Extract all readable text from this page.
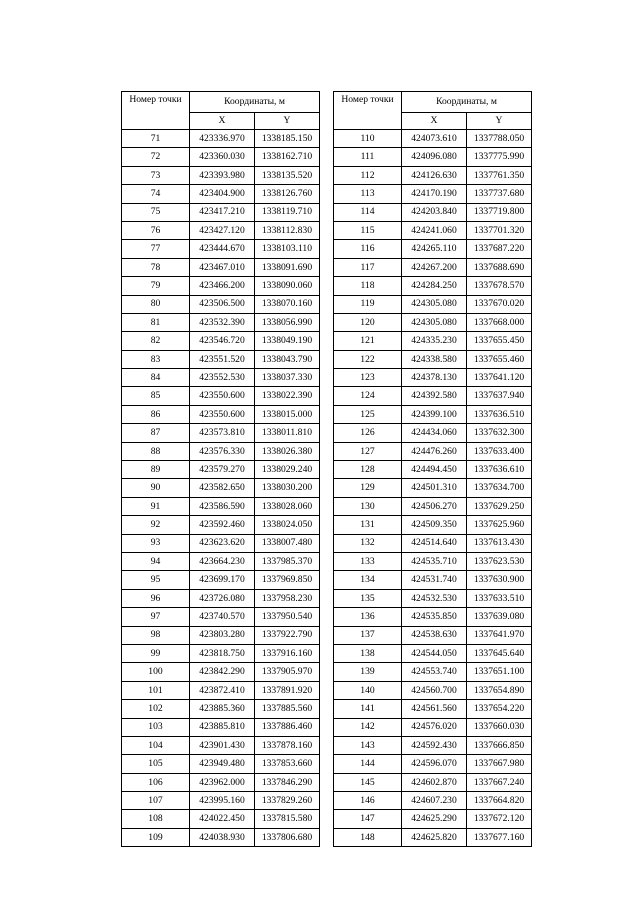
Номер точки	Координаты, м	
	X	Y
71	423336.970	1338185.150
72	423360.030	1338162.710
73	423393.980	1338135.520
74	423404.900	1338126.760
75	423417.210	1338119.710
76	423427.120	1338112.830
77	423444.670	1338103.110
78	423467.010	1338091.690
79	423466.200	1338090.060
80	423506.500	1338070.160
81	423532.390	1338056.990
82	423546.720	1338049.190
83	423551.520	1338043.790
84	423552.530	1338037.330
85	423550.600	1338022.390
86	423550.600	1338015.000
87	423573.810	1338011.810
88	423576.330	1338026.380
89	423579.270	1338029.240
90	423582.650	1338030.200
91	423586.590	1338028.060
92	423592.460	1338024.050
93	423623.620	1338007.480
94	423664.230	1337985.370
95	423699.170	1337969.850
96	423726.080	1337958.230
97	423740.570	1337950.540
98	423803.280	1337922.790
99	423818.750	1337916.160
100	423842.290	1337905.970
101	423872.410	1337891.920
102	423885.360	1337885.560
103	423885.810	1337886.460
104	423901.430	1337878.160
105	423949.480	1337853.660
106	423962.000	1337846.290
107	423995.160	1337829.260
108	424022.450	1337815.580
109	424038.930	1337806.680
Номер точки	Координаты, м	
	X	Y
110	424073.610	1337788.050
111	424096.080	1337775.990
112	424126.630	1337761.350
113	424170.190	1337737.680
114	424203.840	1337719.800
115	424241.060	1337701.320
116	424265.110	1337687.220
117	424267.200	1337688.690
118	424284.250	1337678.570
119	424305.080	1337670.020
120	424305.080	1337668.000
121	424335.230	1337655.450
122	424338.580	1337655.460
123	424378.130	1337641.120
124	424392.580	1337637.940
125	424399.100	1337636.510
126	424434.060	1337632.300
127	424476.260	1337633.400
128	424494.450	1337636.610
129	424501.310	1337634.700
130	424506.270	1337629.250
131	424509.350	1337625.960
132	424514.640	1337613.430
133	424535.710	1337623.530
134	424531.740	1337630.900
135	424532.530	1337633.510
136	424535.850	1337639.080
137	424538.630	1337641.970
138	424544.050	1337645.640
139	424553.740	1337651.100
140	424560.700	1337654.890
141	424561.560	1337654.220
142	424576.020	1337660.030
143	424592.430	1337666.850
144	424596.070	1337667.980
145	424602.870	1337667.240
146	424607.230	1337664.820
147	424625.290	1337672.120
148	424625.820	1337677.160
